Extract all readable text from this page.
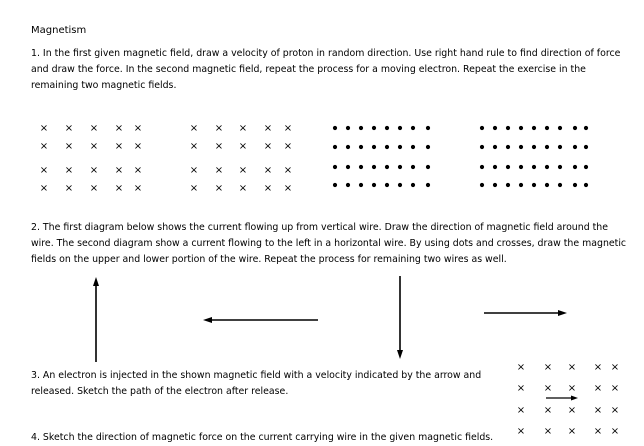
Magnetism
1. In the first given magnetic field, draw a velocity of proton in random direction. Use right hand rule to find direction of force and draw the force. In the second magnetic field, repeat the process for a moving electron. Repeat the exercise in the remaining two magnetic fields.
× × × × ×
× × × × ×
× × × × ×
× × × × ×
× × × × ×
× × × × ×
× × × × ×
× × × × ×
× × × × ×
× × × × ×
× × × × ×
× × × × ×
2. The first diagram below shows the current flowing up from vertical wire. Draw the direction of magnetic field around the wire. The second diagram show a current flowing to the left in a horizontal wire. By using dots and crosses, draw the magnetic fields on the upper and lower portion of the wire. Repeat the process for remaining two wires as well.
3. An electron is injected in the shown magnetic field with a velocity indicated by the arrow and released. Sketch the path of the electron after release.
4. Sketch the direction of magnetic force on the current carrying wire in the given magnetic fields.
